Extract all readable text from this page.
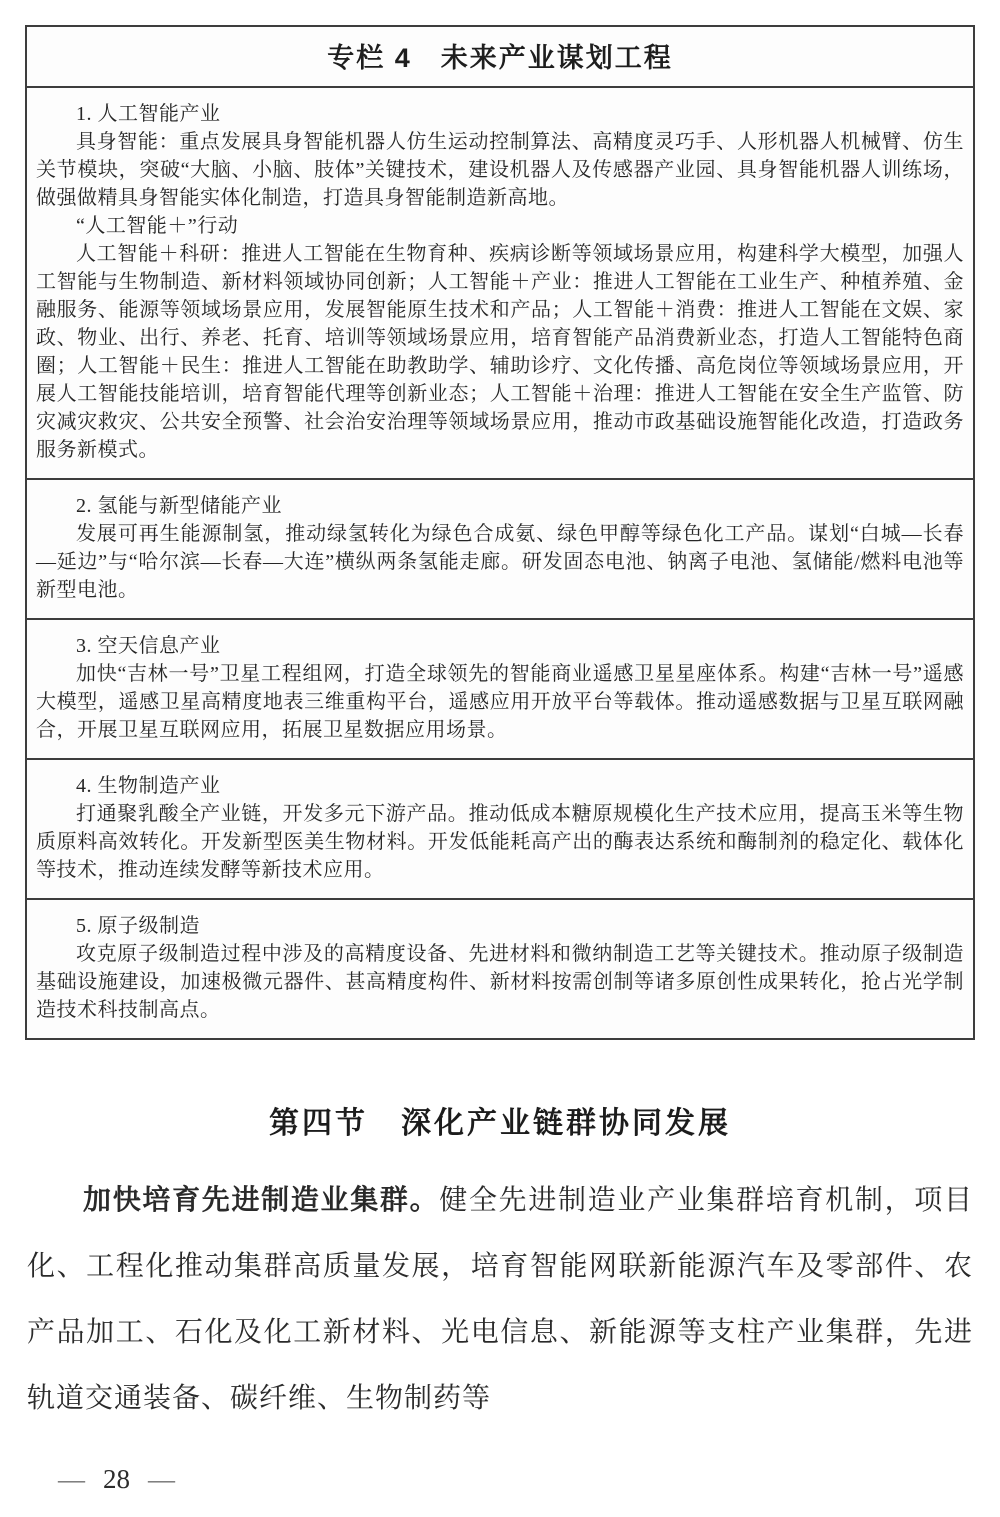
专栏 4　未来产业谋划工程

1. 人工智能产业

具身智能：重点发展具身智能机器人仿生运动控制算法、高精度灵巧手、人形机器人机械臂、仿生关节模块，突破“大脑、小脑、肢体”关键技术，建设机器人及传感器产业园、具身智能机器人训练场，做强做精具身智能实体化制造，打造具身智能制造新高地。

“人工智能＋”行动

人工智能＋科研：推进人工智能在生物育种、疾病诊断等领域场景应用，构建科学大模型，加强人工智能与生物制造、新材料领域协同创新；人工智能＋产业：推进人工智能在工业生产、种植养殖、金融服务、能源等领域场景应用，发展智能原生技术和产品；人工智能＋消费：推进人工智能在文娱、家政、物业、出行、养老、托育、培训等领域场景应用，培育智能产品消费新业态，打造人工智能特色商圈；人工智能＋民生：推进人工智能在助教助学、辅助诊疗、文化传播、高危岗位等领域场景应用，开展人工智能技能培训，培育智能代理等创新业态；人工智能＋治理：推进人工智能在安全生产监管、防灾减灾救灾、公共安全预警、社会治安治理等领域场景应用，推动市政基础设施智能化改造，打造政务服务新模式。

2. 氢能与新型储能产业

发展可再生能源制氢，推动绿氢转化为绿色合成氨、绿色甲醇等绿色化工产品。谋划“白城—长春—延边”与“哈尔滨—长春—大连”横纵两条氢能走廊。研发固态电池、钠离子电池、氢储能/燃料电池等新型电池。

3. 空天信息产业

加快“吉林一号”卫星工程组网，打造全球领先的智能商业遥感卫星星座体系。构建“吉林一号”遥感大模型，遥感卫星高精度地表三维重构平台，遥感应用开放平台等载体。推动遥感数据与卫星互联网融合，开展卫星互联网应用，拓展卫星数据应用场景。

4. 生物制造产业

打通聚乳酸全产业链，开发多元下游产品。推动低成本糖原规模化生产技术应用，提高玉米等生物质原料高效转化。开发新型医美生物材料。开发低能耗高产出的酶表达系统和酶制剂的稳定化、载体化等技术，推动连续发酵等新技术应用。

5. 原子级制造

攻克原子级制造过程中涉及的高精度设备、先进材料和微纳制造工艺等关键技术。推动原子级制造基础设施建设，加速极微元器件、甚高精度构件、新材料按需创制等诸多原创性成果转化，抢占光学制造技术科技制高点。

第四节　深化产业链群协同发展

加快培育先进制造业集群。健全先进制造业产业集群培育机制，项目化、工程化推动集群高质量发展，培育智能网联新能源汽车及零部件、农产品加工、石化及化工新材料、光电信息、新能源等支柱产业集群，先进轨道交通装备、碳纤维、生物制药等

— 28 —
